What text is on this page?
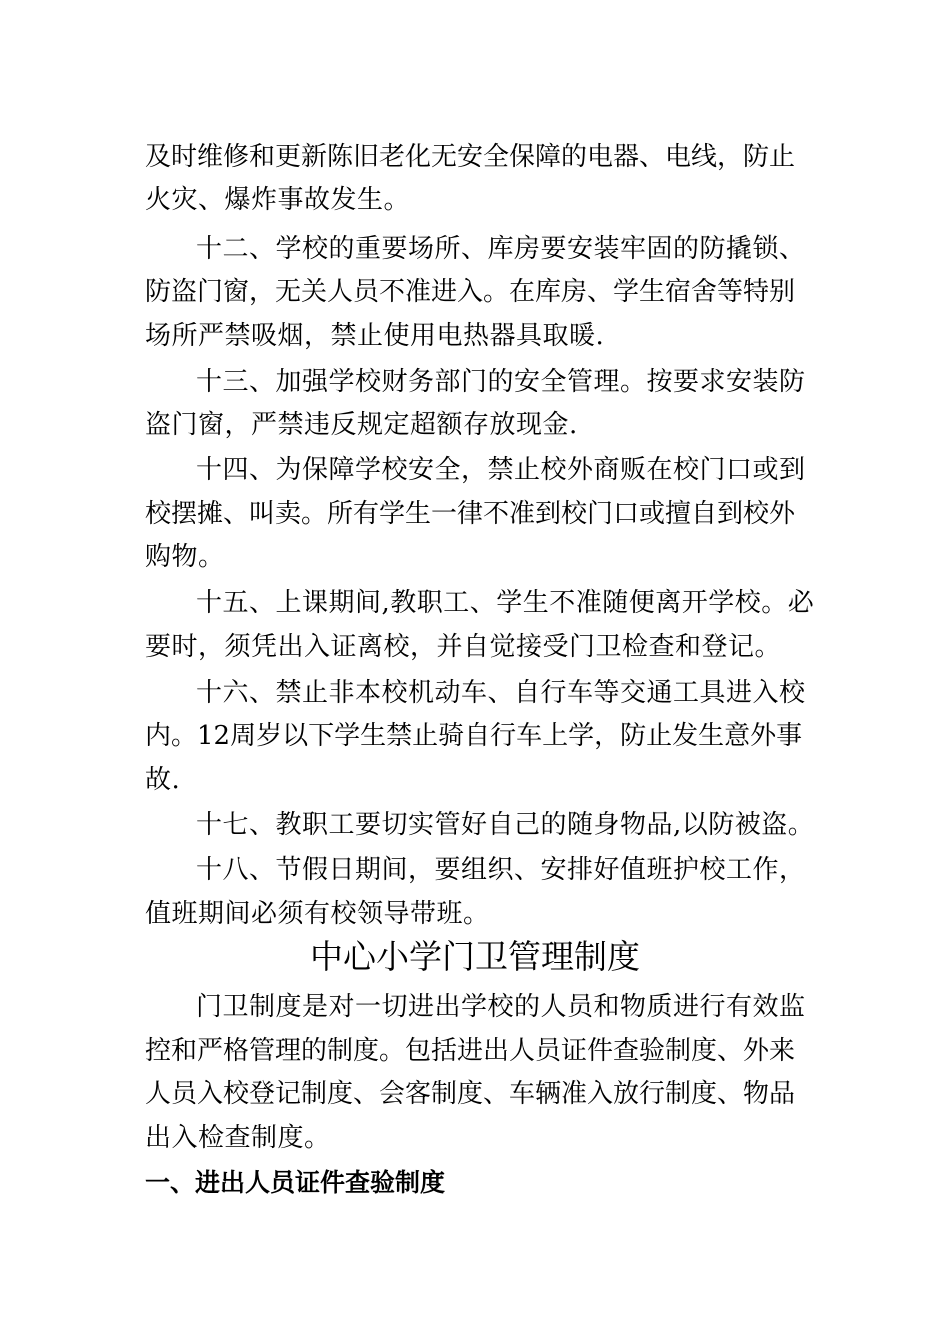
及时维修和更新陈旧老化无安全保障的电器、电线，防止
火灾、爆炸事故发生。
十二、学校的重要场所、库房要安装牢固的防撬锁、
防盗门窗，无关人员不准进入。在库房、学生宿舍等特别
场所严禁吸烟，禁止使用电热器具取暖.
十三、加强学校财务部门的安全管理。按要求安装防
盗门窗，严禁违反规定超额存放现金.
十四、为保障学校安全，禁止校外商贩在校门口或到
校摆摊、叫卖。所有学生一律不准到校门口或擅自到校外
购物。
十五、上课期间,教职工、学生不准随便离开学校。必
要时，须凭出入证离校，并自觉接受门卫检查和登记。
十六、禁止非本校机动车、自行车等交通工具进入校
内。12周岁以下学生禁止骑自行车上学，防止发生意外事
故.
十七、教职工要切实管好自己的随身物品,以防被盗。
十八、节假日期间，要组织、安排好值班护校工作，
值班期间必须有校领导带班。
中心小学门卫管理制度
门卫制度是对一切进出学校的人员和物质进行有效监
控和严格管理的制度。包括进出人员证件查验制度、外来
人员入校登记制度、会客制度、车辆准入放行制度、物品
出入检查制度。
一、进出人员证件查验制度
